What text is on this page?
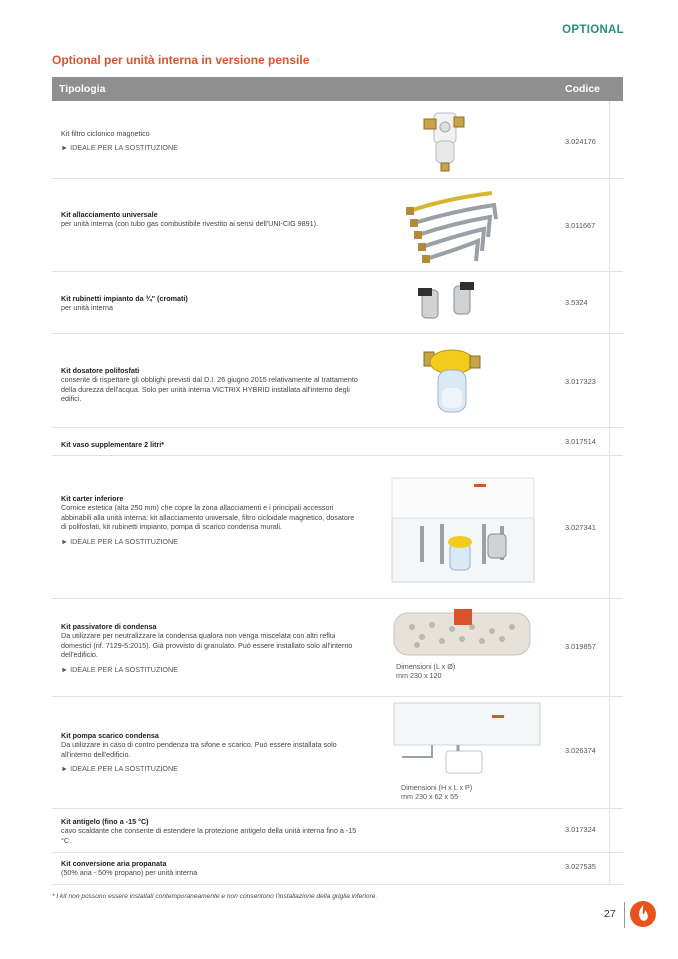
OPTIONAL
Optional per unità interna in versione pensile
Tipologia	Codice
Kit filtro ciclonico magnetico
► IDEALE PER LA SOSTITUZIONE
3.024176
Kit allacciamento universale
per unità interna (con tubo gas combustibile rivestito ai sensi dell'UNI-CIG 9891).	3.011667
Kit rubinetti impianto da ¾" (cromati)
per unità interna
3.5324
Kit dosatore polifosfati
consente di rispettare gli obblighi previsti dal D.I. 26 giugno 2015 relativamente al trattamento della durezza dell'acqua. Solo per unità interna VICTRIX HYBRID installata all'interno degli edifici.
3.017323
Kit vaso supplementare 2 litri*	3.017514
Kit carter inferiore
Cornice estetica (alta 250 mm) che copre la zona allacciamenti e i principali accessori abbinabili alla unità interna: kit allacciamento universale, filtro cicloidale magnetico, dosatore di polifosfati, kit rubinetti impianto, pompa di scarico condensa murali.
► IDEALE PER LA SOSTITUZIONE
3.027341
Kit passivatore di condensa
Da utilizzare per neutralizzare la condensa qualora non venga miscelata con altri reflui domestici (rif. 7129-5:2015). Già provvisto di granulato. Può essere installato solo all'interno dell'edificio.
► IDEALE PER LA SOSTITUZIONE	Dimensioni (L x Ø)
mm 230 x 120
3.019857
Kit pompa scarico condensa
Da utilizzare in caso di contro pendenza tra sifone e scarico. Può essere installata solo all'interno dell'edificio.
► IDEALE PER LA SOSTITUZIONE
Dimensioni (H x L x P)
mm 230 x 62 x 55
3.026374
Kit antigelo (fino a -15 °C)
cavo scaldante che consente di estendere la protezione antigelo della unità interna fino a -15 °C.
3.017324
Kit conversione aria propanata
(50% aria - 50% propano) per unità interna
3.027535
* I kit non possono essere installati contemporaneamente e non consentono l'installazione della griglia inferiore.
27
